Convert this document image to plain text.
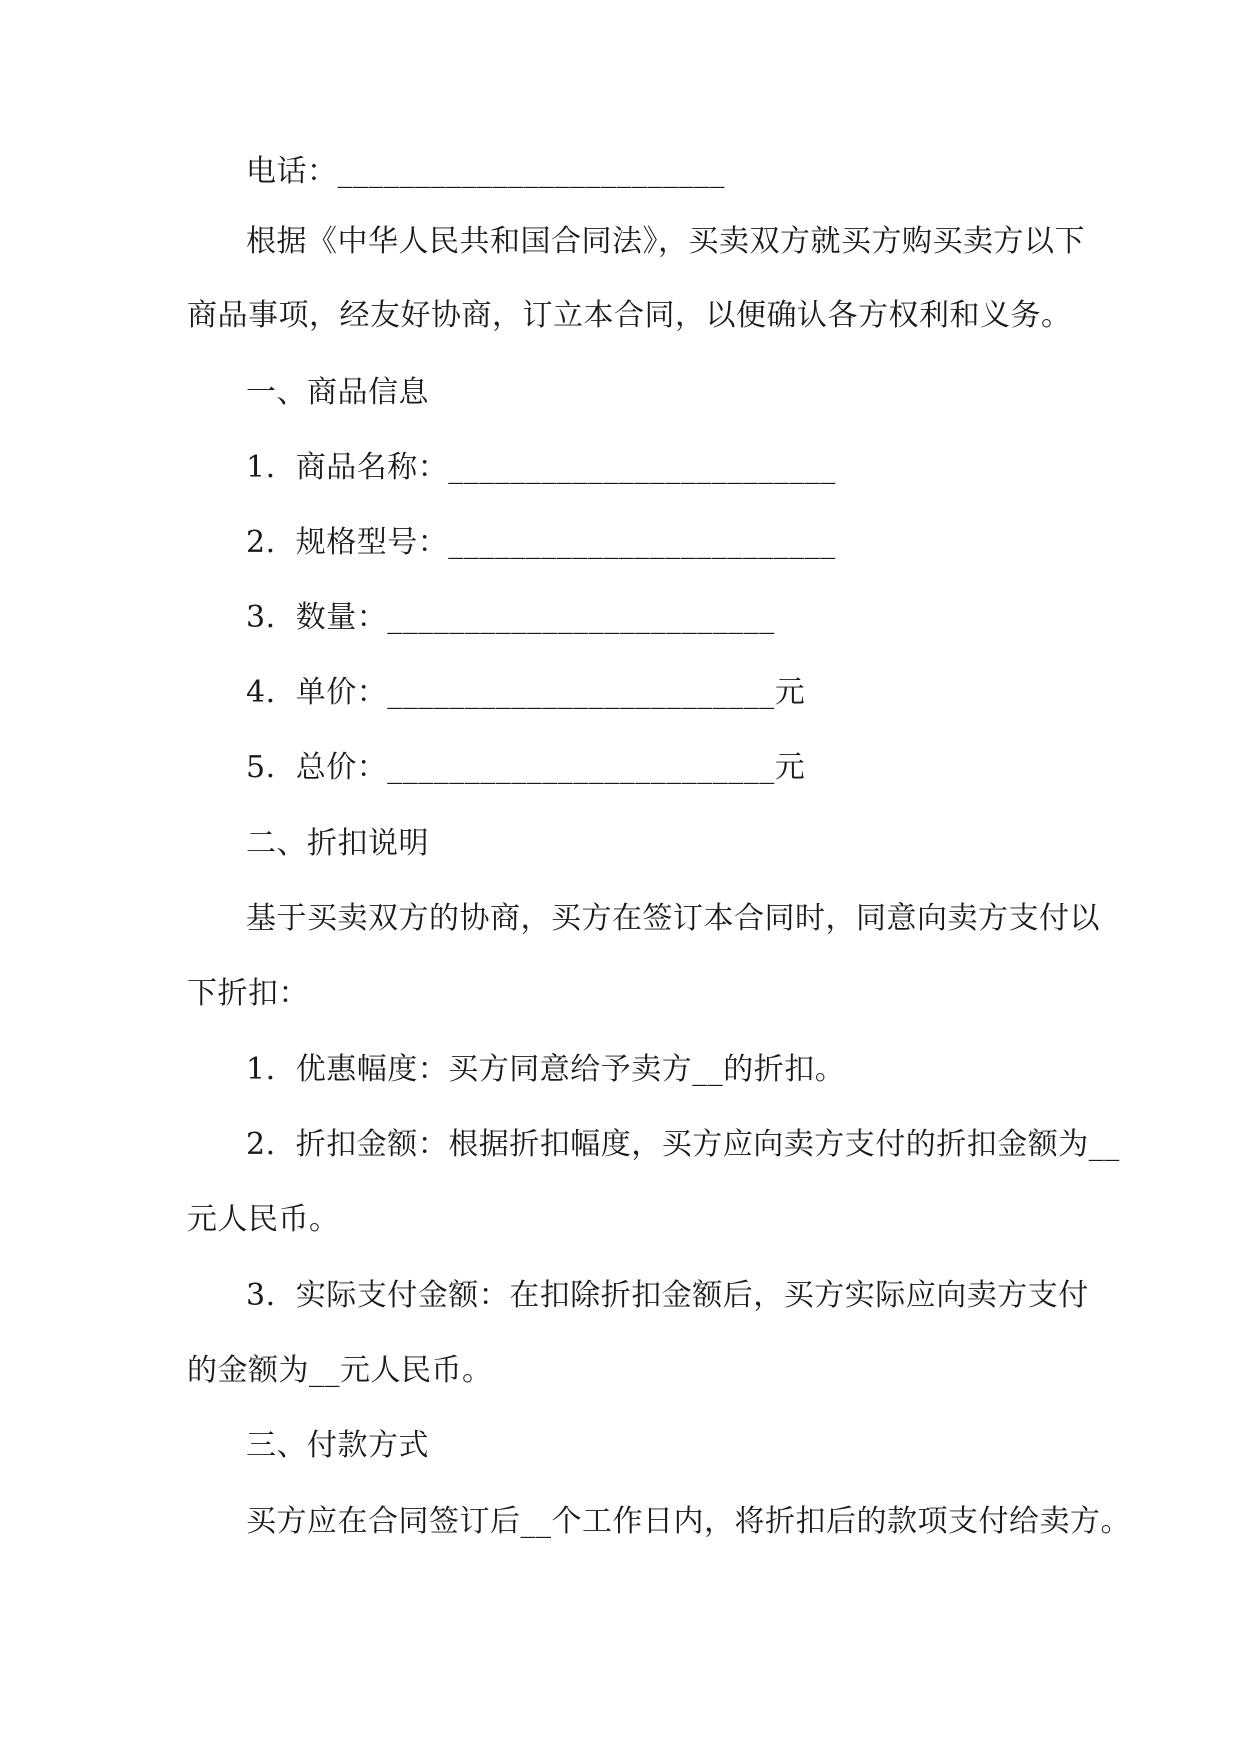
电话：_________________________
根据《中华人民共和国合同法》，买卖双方就买方购买卖方以下
商品事项，经友好协商，订立本合同，以便确认各方权利和义务。
一、商品信息
1.  商品名称：_________________________
2.  规格型号：_________________________
3.  数量：_________________________
4.  单价：_________________________元
5.  总价：_________________________元
二、折扣说明
基于买卖双方的协商，买方在签订本合同时，同意向卖方支付以
下折扣：
1.  优惠幅度：买方同意给予卖方__的折扣。
2.  折扣金额：根据折扣幅度，买方应向卖方支付的折扣金额为__
元人民币。
3.  实际支付金额：在扣除折扣金额后，买方实际应向卖方支付
的金额为__元人民币。
三、付款方式
买方应在合同签订后__个工作日内，将折扣后的款项支付给卖方。
